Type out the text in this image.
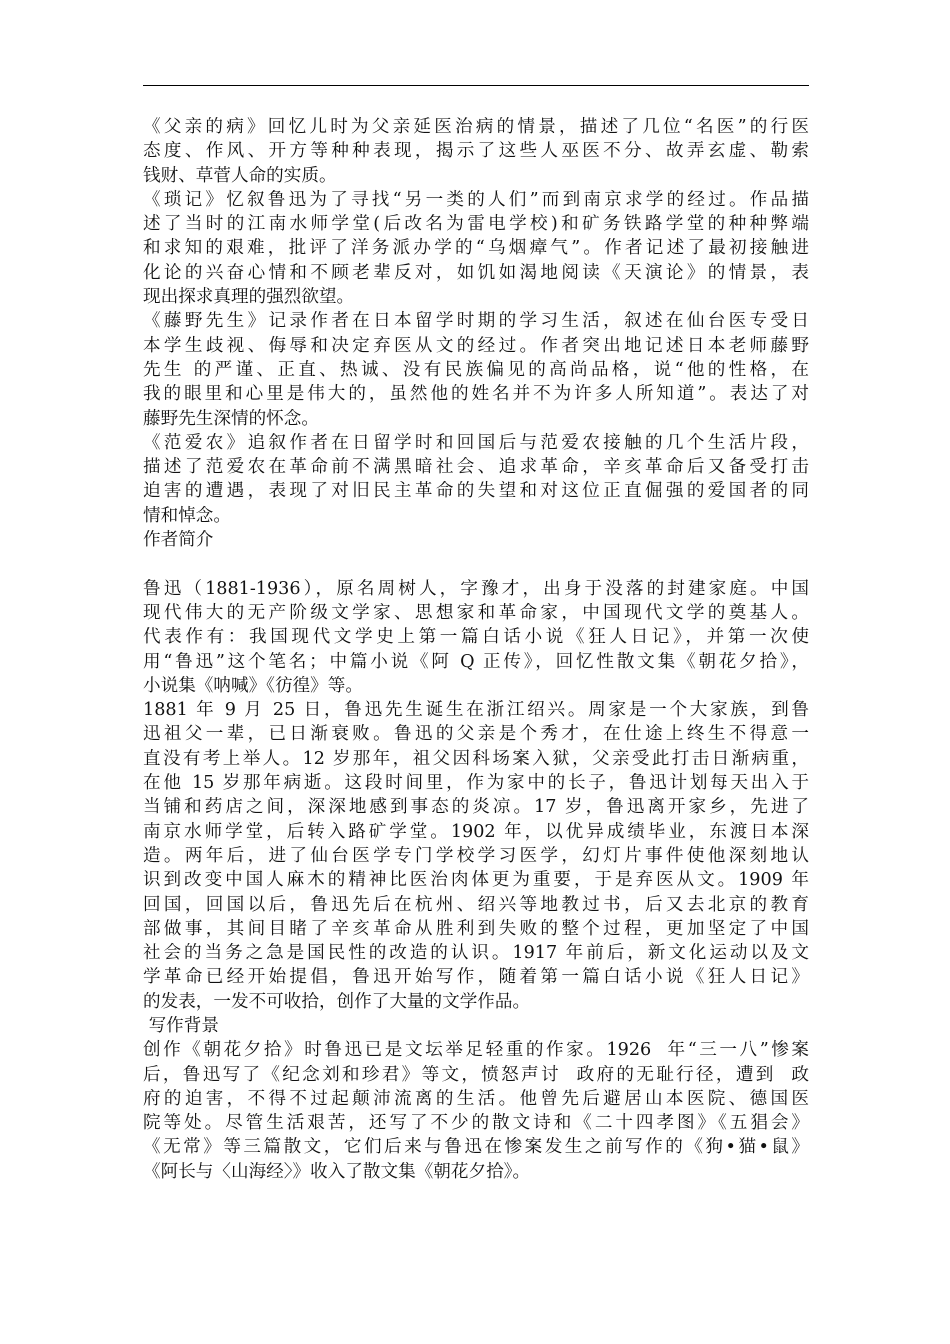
《父亲的病》回忆儿时为父亲延医治病的情景，描述了几位“名医”的行医
态度、作风、开方等种种表现，揭示了这些人巫医不分、故弄玄虚、勒索
钱财、草菅人命的实质。
《琐记》忆叙鲁迅为了寻找“另一类的人们”而到南京求学的经过。作品描
述了当时的江南水师学堂(后改名为雷电学校)和矿务铁路学堂的种种弊端
和求知的艰难，批评了洋务派办学的“乌烟瘴气”。作者记述了最初接触进
化论的兴奋心情和不顾老辈反对，如饥如渴地阅读《天演论》的情景，表
现出探求真理的强烈欲望。
《藤野先生》记录作者在日本留学时期的学习生活，叙述在仙台医专受日
本学生歧视、侮辱和决定弃医从文的经过。作者突出地记述日本老师藤野
先生 的严谨、正直、热诚、没有民族偏见的高尚品格，说“他的性格，在
我的眼里和心里是伟大的，虽然他的姓名并不为许多人所知道”。表达了对
藤野先生深情的怀念。
《范爱农》追叙作者在日留学时和回国后与范爱农接触的几个生活片段，
描述了范爱农在革命前不满黑暗社会、追求革命，辛亥革命后又备受打击
迫害的遭遇，表现了对旧民主革命的失望和对这位正直倔强的爱国者的同
情和悼念。
作者简介
鲁迅（1881-1936），原名周树人，字豫才，出身于没落的封建家庭。中国
现代伟大的无产阶级文学家、思想家和革命家，中国现代文学的奠基人。
代表作有：我国现代文学史上第一篇白话小说《狂人日记》，并第一次使
用“鲁迅”这个笔名；中篇小说《阿 Q 正传》，回忆性散文集《朝花夕拾》，
小说集《呐喊》《彷徨》等。
1881 年 9 月 25 日，鲁迅先生诞生在浙江绍兴。周家是一个大家族，到鲁
迅祖父一辈，已日渐衰败。鲁迅的父亲是个秀才，在仕途上终生不得意一
直没有考上举人。12 岁那年，祖父因科场案入狱，父亲受此打击日渐病重，
在他 15 岁那年病逝。这段时间里，作为家中的长子，鲁迅计划每天出入于
当铺和药店之间，深深地感到事态的炎凉。17 岁，鲁迅离开家乡，先进了
南京水师学堂，后转入路矿学堂。1902 年，以优异成绩毕业，东渡日本深
造。两年后，进了仙台医学专门学校学习医学，幻灯片事件使他深刻地认
识到改变中国人麻木的精神比医治肉体更为重要，于是弃医从文。1909 年
回国，回国以后，鲁迅先后在杭州、绍兴等地教过书，后又去北京的教育
部做事，其间目睹了辛亥革命从胜利到失败的整个过程，更加坚定了中国
社会的当务之急是国民性的改造的认识。1917 年前后，新文化运动以及文
学革命已经开始提倡，鲁迅开始写作，随着第一篇白话小说《狂人日记》
的发表，一发不可收拾，创作了大量的文学作品。
写作背景
创作《朝花夕拾》时鲁迅已是文坛举足轻重的作家。1926  年“三一八”惨案
后，鲁迅写了《纪念刘和珍君》等文，愤怒声讨  政府的无耻行径，遭到  政
府的迫害，不得不过起颠沛流离的生活。他曾先后避居山本医院、德国医
院等处。尽管生活艰苦，还写了不少的散文诗和《二十四孝图》《五猖会》
《无常》等三篇散文，它们后来与鲁迅在惨案发生之前写作的《狗•猫•鼠》
《阿长与〈山海经〉》收入了散文集《朝花夕拾》。
